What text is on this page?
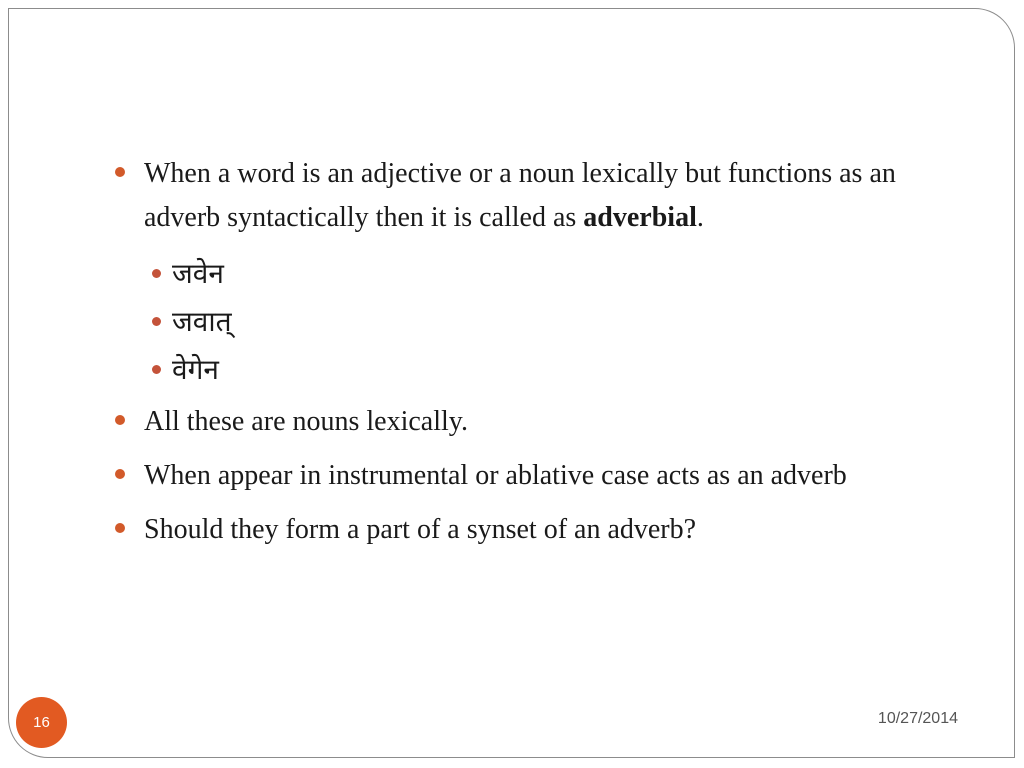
When a word is an adjective or a noun lexically but functions as an adverb syntactically then it is called as adverbial.
जवेन
जवात्
वेगेन
All these are nouns lexically.
When appear in instrumental or ablative case acts as an adverb
Should they form a part of a synset of an adverb?
16	10/27/2014
